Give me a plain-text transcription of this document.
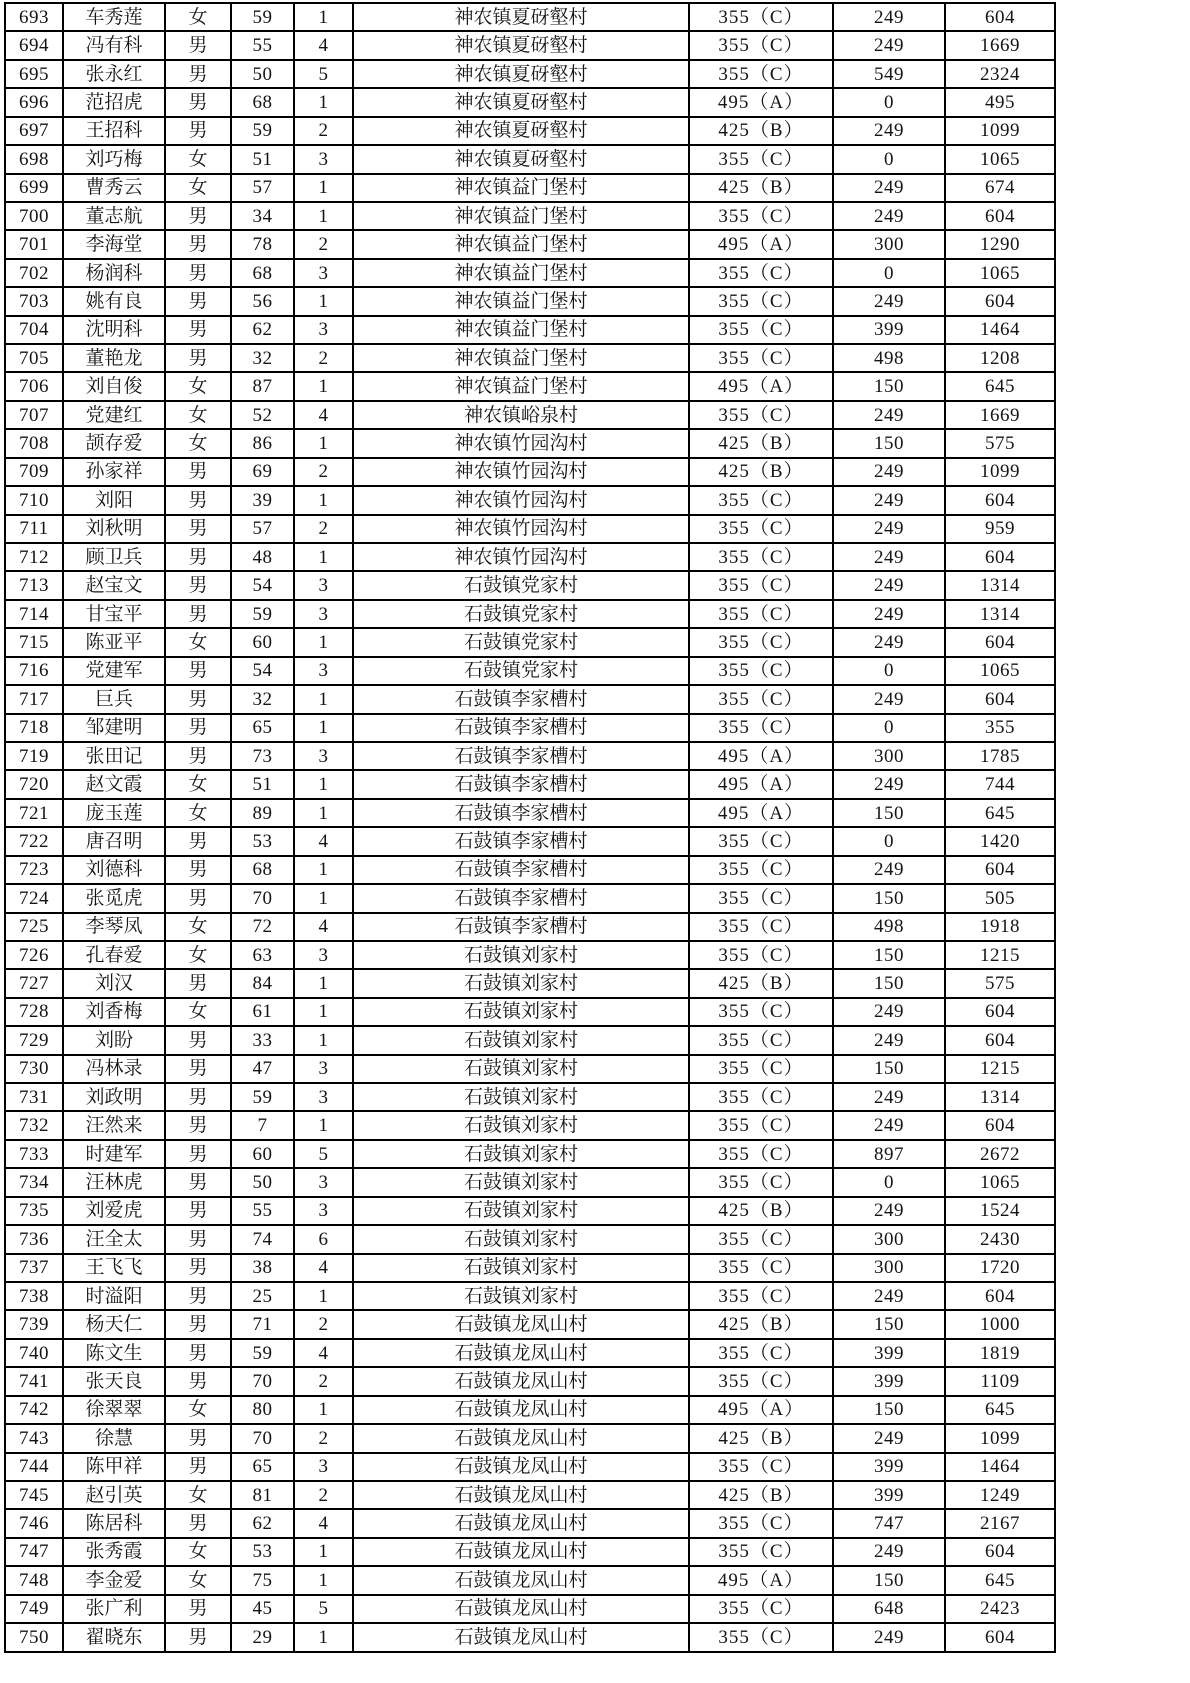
693	车秀莲	女	59	1	神农镇夏砑壑村	355（C）	249	604
694	冯有科	男	55	4	神农镇夏砑壑村	355（C）	249	1669
695	张永红	男	50	5	神农镇夏砑壑村	355（C）	549	2324
696	范招虎	男	68	1	神农镇夏砑壑村	495（A）	0	495
697	王招科	男	59	2	神农镇夏砑壑村	425（B）	249	1099
698	刘巧梅	女	51	3	神农镇夏砑壑村	355（C）	0	1065
699	曹秀云	女	57	1	神农镇益门堡村	425（B）	249	674
700	董志航	男	34	1	神农镇益门堡村	355（C）	249	604
701	李海堂	男	78	2	神农镇益门堡村	495（A）	300	1290
702	杨润科	男	68	3	神农镇益门堡村	355（C）	0	1065
703	姚有良	男	56	1	神农镇益门堡村	355（C）	249	604
704	沈明科	男	62	3	神农镇益门堡村	355（C）	399	1464
705	董艳龙	男	32	2	神农镇益门堡村	355（C）	498	1208
706	刘自俊	女	87	1	神农镇益门堡村	495（A）	150	645
707	党建红	女	52	4	神农镇峪泉村	355（C）	249	1669
708	颉存爱	女	86	1	神农镇竹园沟村	425（B）	150	575
709	孙家祥	男	69	2	神农镇竹园沟村	425（B）	249	1099
710	刘阳	男	39	1	神农镇竹园沟村	355（C）	249	604
711	刘秋明	男	57	2	神农镇竹园沟村	355（C）	249	959
712	顾卫兵	男	48	1	神农镇竹园沟村	355（C）	249	604
713	赵宝文	男	54	3	石鼓镇党家村	355（C）	249	1314
714	甘宝平	男	59	3	石鼓镇党家村	355（C）	249	1314
715	陈亚平	女	60	1	石鼓镇党家村	355（C）	249	604
716	党建军	男	54	3	石鼓镇党家村	355（C）	0	1065
717	巨兵	男	32	1	石鼓镇李家槽村	355（C）	249	604
718	邹建明	男	65	1	石鼓镇李家槽村	355（C）	0	355
719	张田记	男	73	3	石鼓镇李家槽村	495（A）	300	1785
720	赵文霞	女	51	1	石鼓镇李家槽村	495（A）	249	744
721	庞玉莲	女	89	1	石鼓镇李家槽村	495（A）	150	645
722	唐召明	男	53	4	石鼓镇李家槽村	355（C）	0	1420
723	刘德科	男	68	1	石鼓镇李家槽村	355（C）	249	604
724	张觅虎	男	70	1	石鼓镇李家槽村	355（C）	150	505
725	李琴凤	女	72	4	石鼓镇李家槽村	355（C）	498	1918
726	孔春爱	女	63	3	石鼓镇刘家村	355（C）	150	1215
727	刘汉	男	84	1	石鼓镇刘家村	425（B）	150	575
728	刘香梅	女	61	1	石鼓镇刘家村	355（C）	249	604
729	刘盼	男	33	1	石鼓镇刘家村	355（C）	249	604
730	冯林录	男	47	3	石鼓镇刘家村	355（C）	150	1215
731	刘政明	男	59	3	石鼓镇刘家村	355（C）	249	1314
732	汪然来	男	7	1	石鼓镇刘家村	355（C）	249	604
733	时建军	男	60	5	石鼓镇刘家村	355（C）	897	2672
734	汪林虎	男	50	3	石鼓镇刘家村	355（C）	0	1065
735	刘爱虎	男	55	3	石鼓镇刘家村	425（B）	249	1524
736	汪全太	男	74	6	石鼓镇刘家村	355（C）	300	2430
737	王飞飞	男	38	4	石鼓镇刘家村	355（C）	300	1720
738	时溢阳	男	25	1	石鼓镇刘家村	355（C）	249	604
739	杨天仁	男	71	2	石鼓镇龙凤山村	425（B）	150	1000
740	陈文生	男	59	4	石鼓镇龙凤山村	355（C）	399	1819
741	张天良	男	70	2	石鼓镇龙凤山村	355（C）	399	1109
742	徐翠翠	女	80	1	石鼓镇龙凤山村	495（A）	150	645
743	徐慧	男	70	2	石鼓镇龙凤山村	425（B）	249	1099
744	陈甲祥	男	65	3	石鼓镇龙凤山村	355（C）	399	1464
745	赵引英	女	81	2	石鼓镇龙凤山村	425（B）	399	1249
746	陈居科	男	62	4	石鼓镇龙凤山村	355（C）	747	2167
747	张秀霞	女	53	1	石鼓镇龙凤山村	355（C）	249	604
748	李金爱	女	75	1	石鼓镇龙凤山村	495（A）	150	645
749	张广利	男	45	5	石鼓镇龙凤山村	355（C）	648	2423
750	翟晓东	男	29	1	石鼓镇龙凤山村	355（C）	249	604
